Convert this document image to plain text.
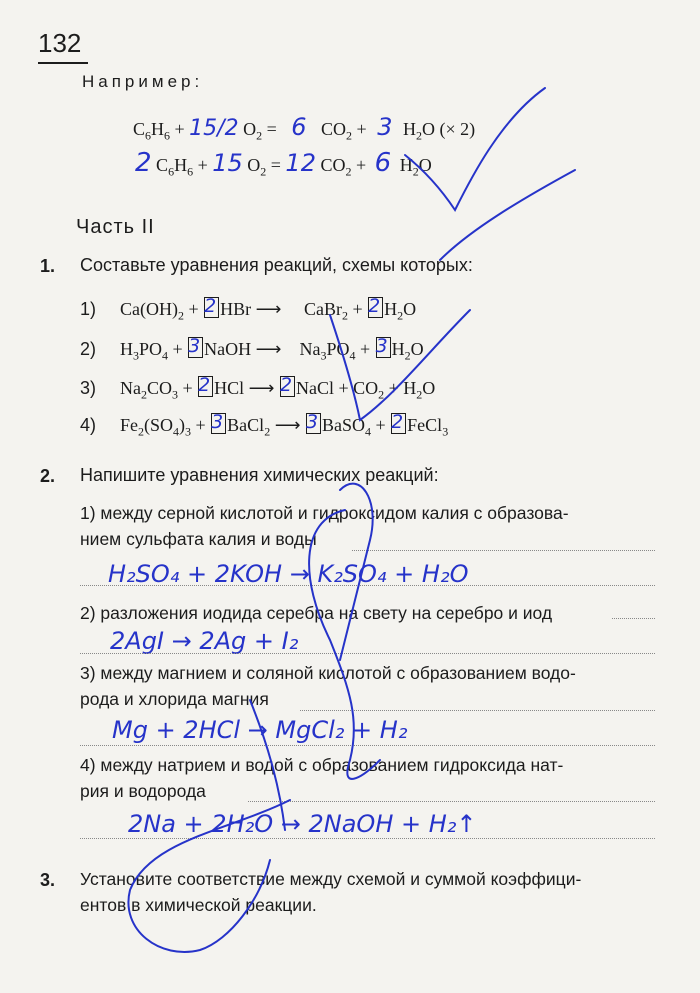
132
Например:
$C_6H_6 + 15/2$ $O_2 = 6$ $CO_2 + 3$ $H_2O$ (× 2)
2 $C_6H_6 + 15$ $O_2 = 12$ $CO_2 + 6$ $H_2O$
Часть II
1. Составьте уравнения реакций, схемы которых:
1) $Ca(OH)_2 + 2$ HBr ⟶     CaBr$_2$ + 2 $H_2O$
2) $H_3PO_4 + 3$ NaOH ⟶    $Na_3PO_4 + 3$ $H_2O$
3) $Na_2CO_3 + 2$ HCl ⟶ 2 NaCl + $CO_2 + H_2O$
4) $Fe_2(SO_4)_3 + 3$ BaCl$_2$ ⟶ 3 BaSO$_4$ + 2 FeCl$_3$
2. Напишите уравнения химических реакций:
1) между серной кислотой и гидроксидом калия с образова-
нием сульфата калия и воды
H₂SO₄ + 2KOH → K₂SO₄ + H₂O
2) разложения иодида серебра на свету на серебро и иод
2AgI → 2Ag + I₂
3) между магнием и соляной кислотой с образованием водо-
рода и хлорида магния
Mg + 2HCl → MgCl₂ + H₂
4) между натрием и водой с образованием гидроксида нат-
рия и водорода
2Na + 2H₂O → 2NaOH + H₂↑
3. Установите соответствие между схемой и суммой коэффици-
ентов в химической реакции.
